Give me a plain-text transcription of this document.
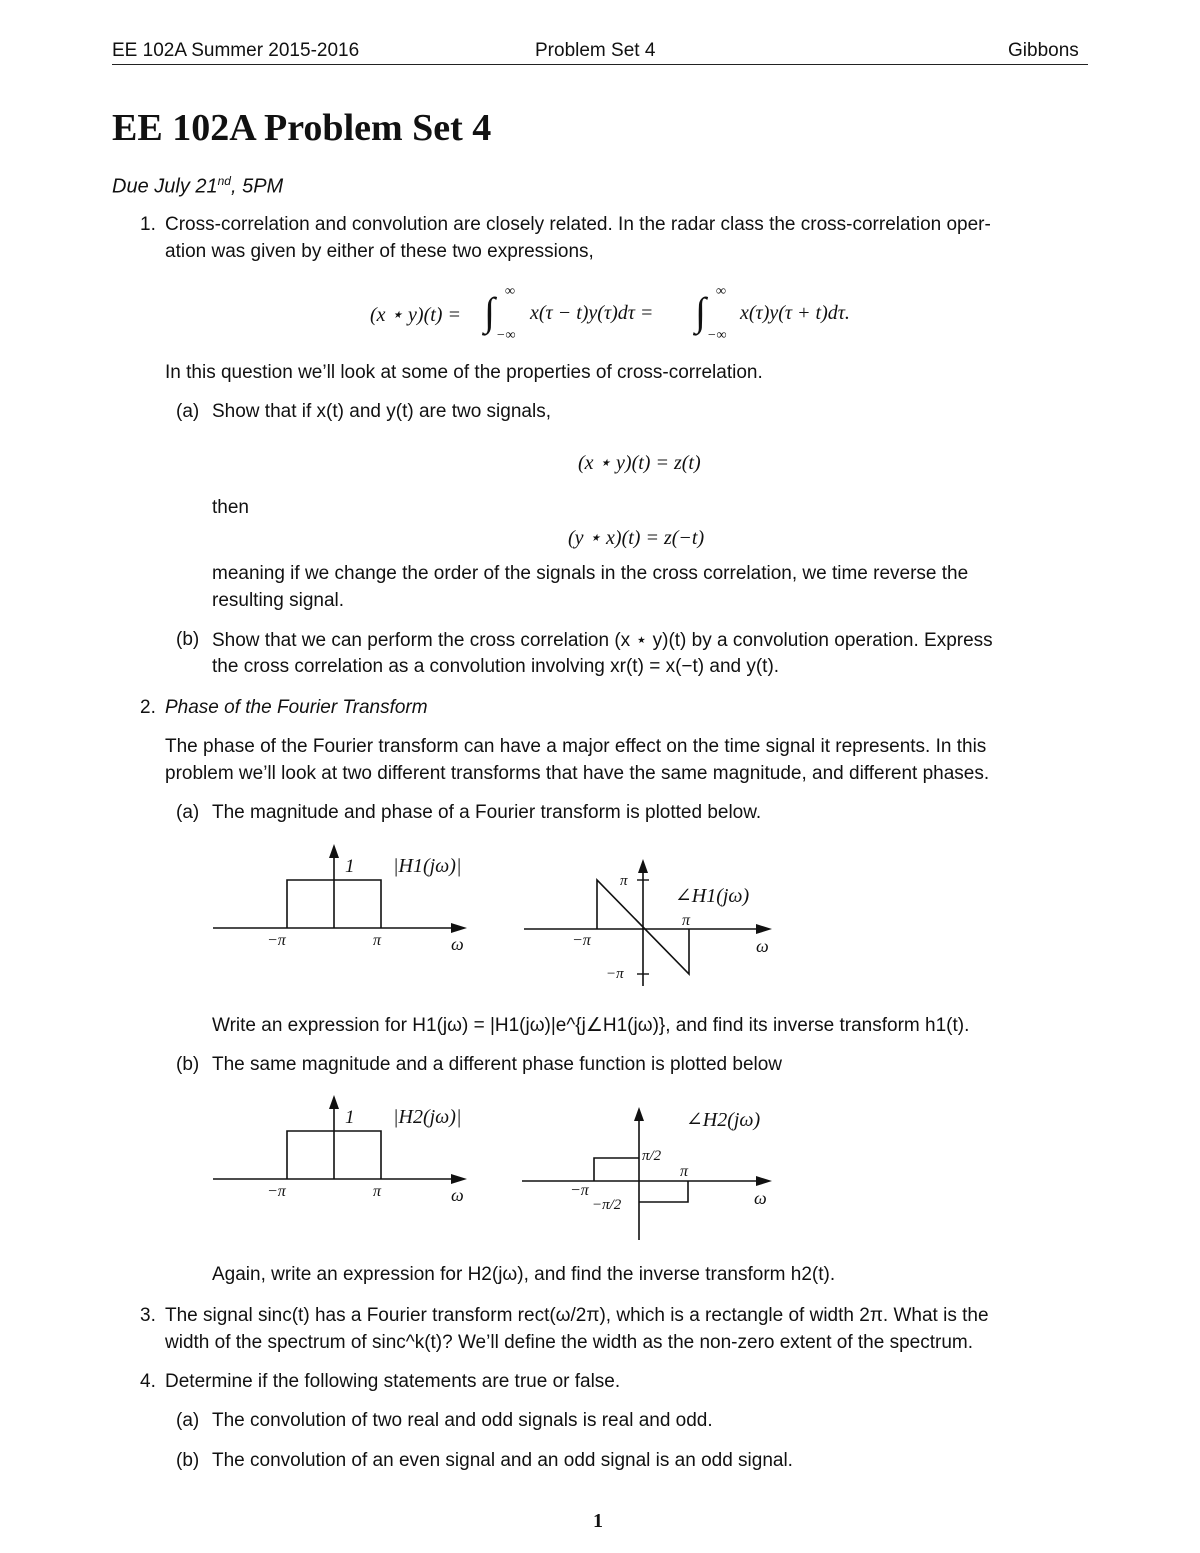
EE 102A Summer 2015-2016	Problem Set 4	Gibbons
EE 102A Problem Set 4
Due July 21nd, 5PM
1. Cross-correlation and convolution are closely related. In the radar class the cross-correlation oper-
ation was given by either of these two expressions,
(x ⋆ y)(t) = ∫ ∞
−∞
x(τ − t)y(τ)dτ = ∫ ∞
−∞
x(τ)y(τ + t)dτ.
In this question we’ll look at some of the properties of cross-correlation.
(a) Show that if x(t) and y(t) are two signals,
(x ⋆ y)(t) = z(t)
then
(y ⋆ x)(t) = z(−t)
meaning if we change the order of the signals in the cross correlation, we time reverse the
resulting signal.
(b) Show that we can perform the cross correlation (x ⋆ y)(t) by a convolution operation. Express
the cross correlation as a convolution involving xr(t) = x(−t) and y(t).
2. Phase of the Fourier Transform
The phase of the Fourier transform can have a major effect on the time signal it represents. In this
problem we’ll look at two different transforms that have the same magnitude, and different phases.
(a) The magnitude and phase of a Fourier transform is plotted below.
1 |H1(jω)|
−π	π	ω
π
−π
−π
π
∠H1(jω)
ω
Write an expression for H1(jω) = |H1(jω)|e^{j∠H1(jω)}, and find its inverse transform h1(t).
(b) The same magnitude and a different phase function is plotted below
1 |H2(jω)|
−π	π	ω
π/2
−π/2
−π
π
∠H2(jω)
ω
Again, write an expression for H2(jω), and find the inverse transform h2(t).
3. The signal sinc(t) has a Fourier transform rect(ω/2π), which is a rectangle of width 2π. What is the
width of the spectrum of sinc^k(t)? We’ll define the width as the non-zero extent of the spectrum.
4. Determine if the following statements are true or false.
(a) The convolution of two real and odd signals is real and odd.
(b) The convolution of an even signal and an odd signal is an odd signal.
1
